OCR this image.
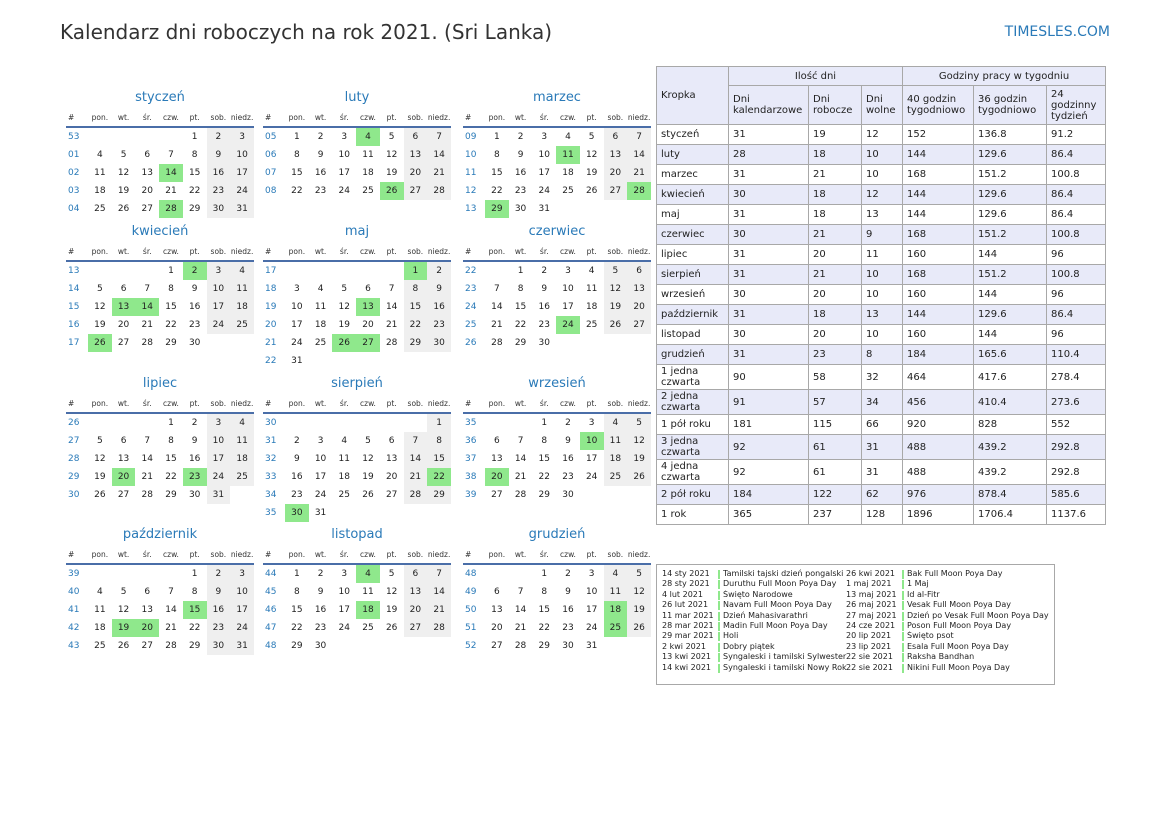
Kalendarz dni roboczych na rok 2021. (Sri Lanka)	TIMESLES.COM
styczeń
#	pon.	wt.	śr.	czw.	pt.	sob.	niedz.
53					1	2	3
01	4	5	6	7	8	9	10
02	11	12	13	14	15	16	17
03	18	19	20	21	22	23	24
04	25	26	27	28	29	30	31
luty
#	pon.	wt.	śr.	czw.	pt.	sob.	niedz.
05	1	2	3	4	5	6	7
06	8	9	10	11	12	13	14
07	15	16	17	18	19	20	21
08	22	23	24	25	26	27	28
marzec
#	pon.	wt.	śr.	czw.	pt.	sob.	niedz.
09	1	2	3	4	5	6	7
10	8	9	10	11	12	13	14
11	15	16	17	18	19	20	21
12	22	23	24	25	26	27	28
13	29	30	31				
kwiecień
#	pon.	wt.	śr.	czw.	pt.	sob.	niedz.
13				1	2	3	4
14	5	6	7	8	9	10	11
15	12	13	14	15	16	17	18
16	19	20	21	22	23	24	25
17	26	27	28	29	30		
maj
#	pon.	wt.	śr.	czw.	pt.	sob.	niedz.
17						1	2
18	3	4	5	6	7	8	9
19	10	11	12	13	14	15	16
20	17	18	19	20	21	22	23
21	24	25	26	27	28	29	30
22	31						
czerwiec
#	pon.	wt.	śr.	czw.	pt.	sob.	niedz.
22		1	2	3	4	5	6
23	7	8	9	10	11	12	13
24	14	15	16	17	18	19	20
25	21	22	23	24	25	26	27
26	28	29	30				
lipiec
#	pon.	wt.	śr.	czw.	pt.	sob.	niedz.
26				1	2	3	4
27	5	6	7	8	9	10	11
28	12	13	14	15	16	17	18
29	19	20	21	22	23	24	25
30	26	27	28	29	30	31	
sierpień
#	pon.	wt.	śr.	czw.	pt.	sob.	niedz.
30							1
31	2	3	4	5	6	7	8
32	9	10	11	12	13	14	15
33	16	17	18	19	20	21	22
34	23	24	25	26	27	28	29
35	30	31					
wrzesień
#	pon.	wt.	śr.	czw.	pt.	sob.	niedz.
35			1	2	3	4	5
36	6	7	8	9	10	11	12
37	13	14	15	16	17	18	19
38	20	21	22	23	24	25	26
39	27	28	29	30			
październik
#	pon.	wt.	śr.	czw.	pt.	sob.	niedz.
39					1	2	3
40	4	5	6	7	8	9	10
41	11	12	13	14	15	16	17
42	18	19	20	21	22	23	24
43	25	26	27	28	29	30	31
listopad
#	pon.	wt.	śr.	czw.	pt.	sob.	niedz.
44	1	2	3	4	5	6	7
45	8	9	10	11	12	13	14
46	15	16	17	18	19	20	21
47	22	23	24	25	26	27	28
48	29	30					
grudzień
#	pon.	wt.	śr.	czw.	pt.	sob.	niedz.
48			1	2	3	4	5
49	6	7	8	9	10	11	12
50	13	14	15	16	17	18	19
51	20	21	22	23	24	25	26
52	27	28	29	30	31		
Kropka	Ilość dni			Godziny pracy w tygodniu		
	Dni kalendarzowe	Dni robocze	Dni wolne	40 godzin tygodniowo	36 godzin tygodniowo	24 godzinny tydzień
styczeń	31	19	12	152	136.8	91.2
luty	28	18	10	144	129.6	86.4
marzec	31	21	10	168	151.2	100.8
kwiecień	30	18	12	144	129.6	86.4
maj	31	18	13	144	129.6	86.4
czerwiec	30	21	9	168	151.2	100.8
lipiec	31	20	11	160	144	96
sierpień	31	21	10	168	151.2	100.8
wrzesień	30	20	10	160	144	96
październik	31	18	13	144	129.6	86.4
listopad	30	20	10	160	144	96
grudzień	31	23	8	184	165.6	110.4
1 jedna czwarta	90	58	32	464	417.6	278.4
2 jedna czwarta	91	57	34	456	410.4	273.6
1 pół roku	181	115	66	920	828	552
3 jedna czwarta	92	61	31	488	439.2	292.8
4 jedna czwarta	92	61	31	488	439.2	292.8
2 pół roku	184	122	62	976	878.4	585.6
1 rok	365	237	128	1896	1706.4	1137.6
14 sty 2021 Tamilski tajski dzień pongalski
28 sty 2021 Duruthu Full Moon Poya Day
4 lut 2021	Święto Narodowe
26 lut 2021 Navam Full Moon Poya Day
11 mar 2021 Dzień Mahasivarathri
28 mar 2021 Madin Full Moon Poya Day
29 mar 2021 Holi
2 kwi 2021 Dobry piątek
13 kwi 2021 Syngaleski i tamilski Sylwester
14 kwi 2021 Syngaleski i tamilski Nowy Rok
26 kwi 2021 Bak Full Moon Poya Day
1 maj 2021 1 Maj
13 maj 2021 Id al-Fitr
26 maj 2021 Vesak Full Moon Poya Day
27 maj 2021 Dzień po Vesak Full Moon Poya Day
24 cze 2021 Poson Full Moon Poya Day
20 lip 2021 Święto psot
23 lip 2021 Esala Full Moon Poya Day
22 sie 2021 Raksha Bandhan
22 sie 2021 Nikini Full Moon Poya Day
